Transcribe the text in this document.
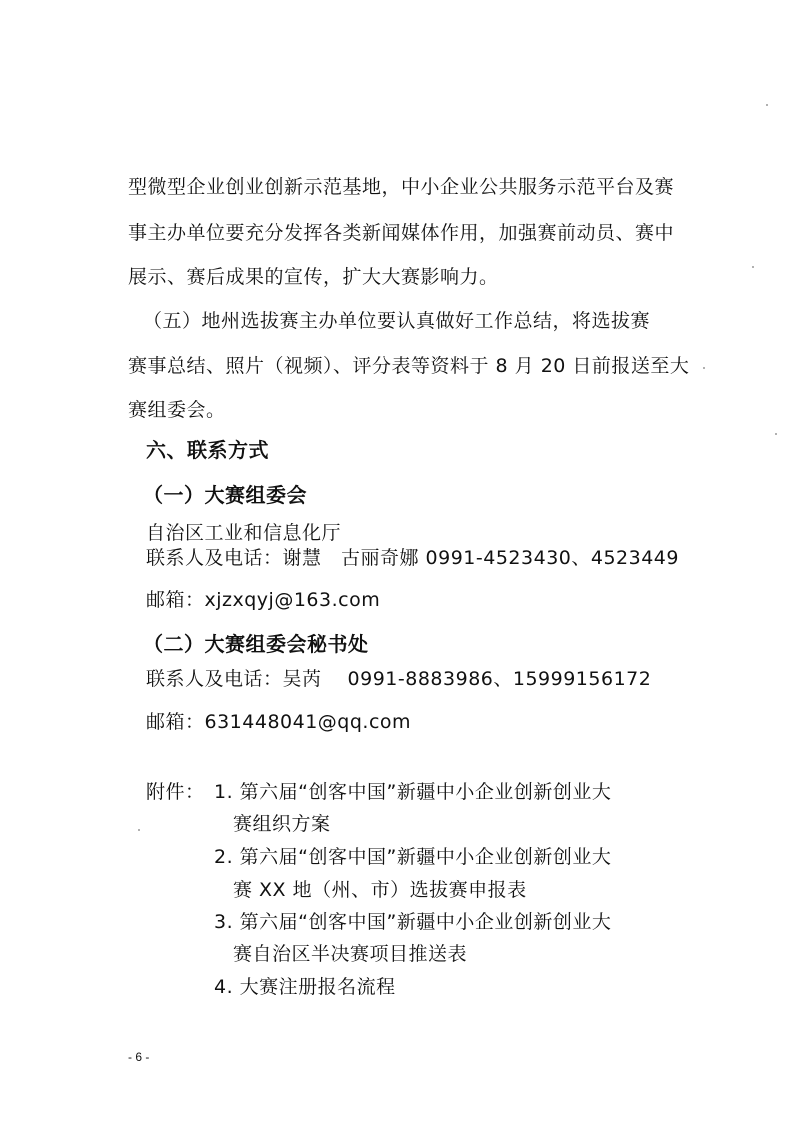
型微型企业创业创新示范基地，中小企业公共服务示范平台及赛
事主办单位要充分发挥各类新闻媒体作用，加强赛前动员、赛中
展示、赛后成果的宣传，扩大大赛影响力。
（五）地州选拔赛主办单位要认真做好工作总结，将选拔赛
赛事总结、照片（视频）、评分表等资料于 8 月 20 日前报送至大
赛组委会。
六、联系方式
（一）大赛组委会
自治区工业和信息化厅
联系人及电话：谢慧　古丽奇娜 0991-4523430、4523449
邮箱：xjzxqyj@163.com
（二）大赛组委会秘书处
联系人及电话：吴芮　 0991-8883986、15999156172
邮箱：631448041@qq.com
附件： 1. 第六届“创客中国”新疆中小企业创新创业大
赛组织方案
2. 第六届“创客中国”新疆中小企业创新创业大
赛 XX 地（州、市）选拔赛申报表
3. 第六届“创客中国”新疆中小企业创新创业大
赛自治区半决赛项目推送表
4. 大赛注册报名流程
- 6 -
